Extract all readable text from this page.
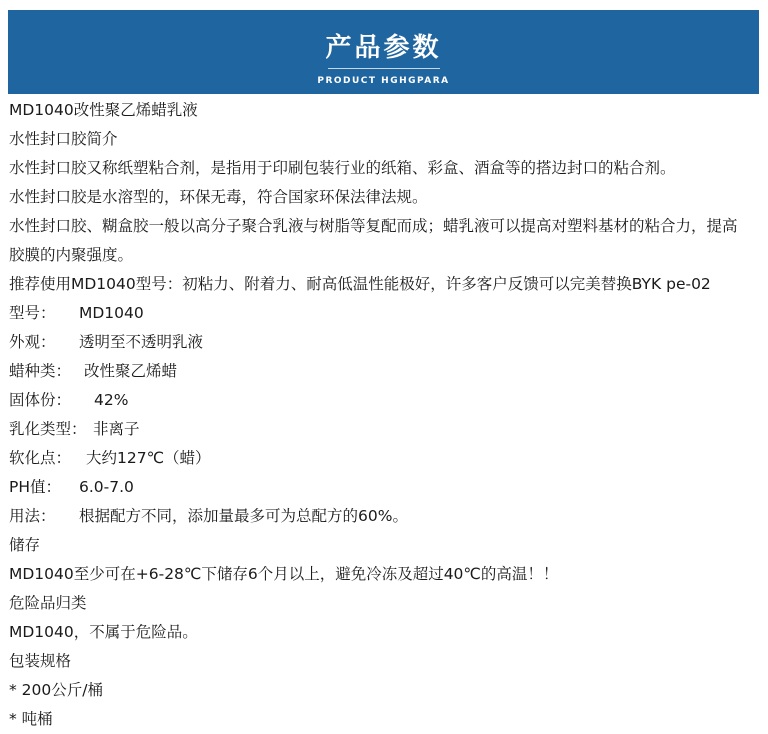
产品参数
PRODUCT HGHGPARA
MD1040改性聚乙烯蜡乳液
水性封口胶简介
水性封口胶又称纸塑粘合剂，是指用于印刷包装行业的纸箱、彩盒、酒盒等的搭边封口的粘合剂。
水性封口胶是水溶型的，环保无毒，符合国家环保法律法规。
水性封口胶、糊盒胶一般以高分子聚合乳液与树脂等复配而成；蜡乳液可以提高对塑料基材的粘合力，提高胶膜的内聚强度。
推荐使用MD1040型号：初粘力、附着力、耐高低温性能极好，许多客户反馈可以完美替换BYK pe-02
型号：	MD1040
外观：	透明至不透明乳液
蜡种类： 改性聚乙烯蜡
固体份：	42%
乳化类型： 非离子
软化点： 大约127℃（蜡）
PH值：	6.0-7.0
用法：	根据配方不同，添加量最多可为总配方的60%。
储存
MD1040至少可在+6-28℃下储存6个月以上，避免冷冻及超过40℃的高温！！
危险品归类
MD1040，不属于危险品。
包装规格
* 200公斤/桶
* 吨桶
